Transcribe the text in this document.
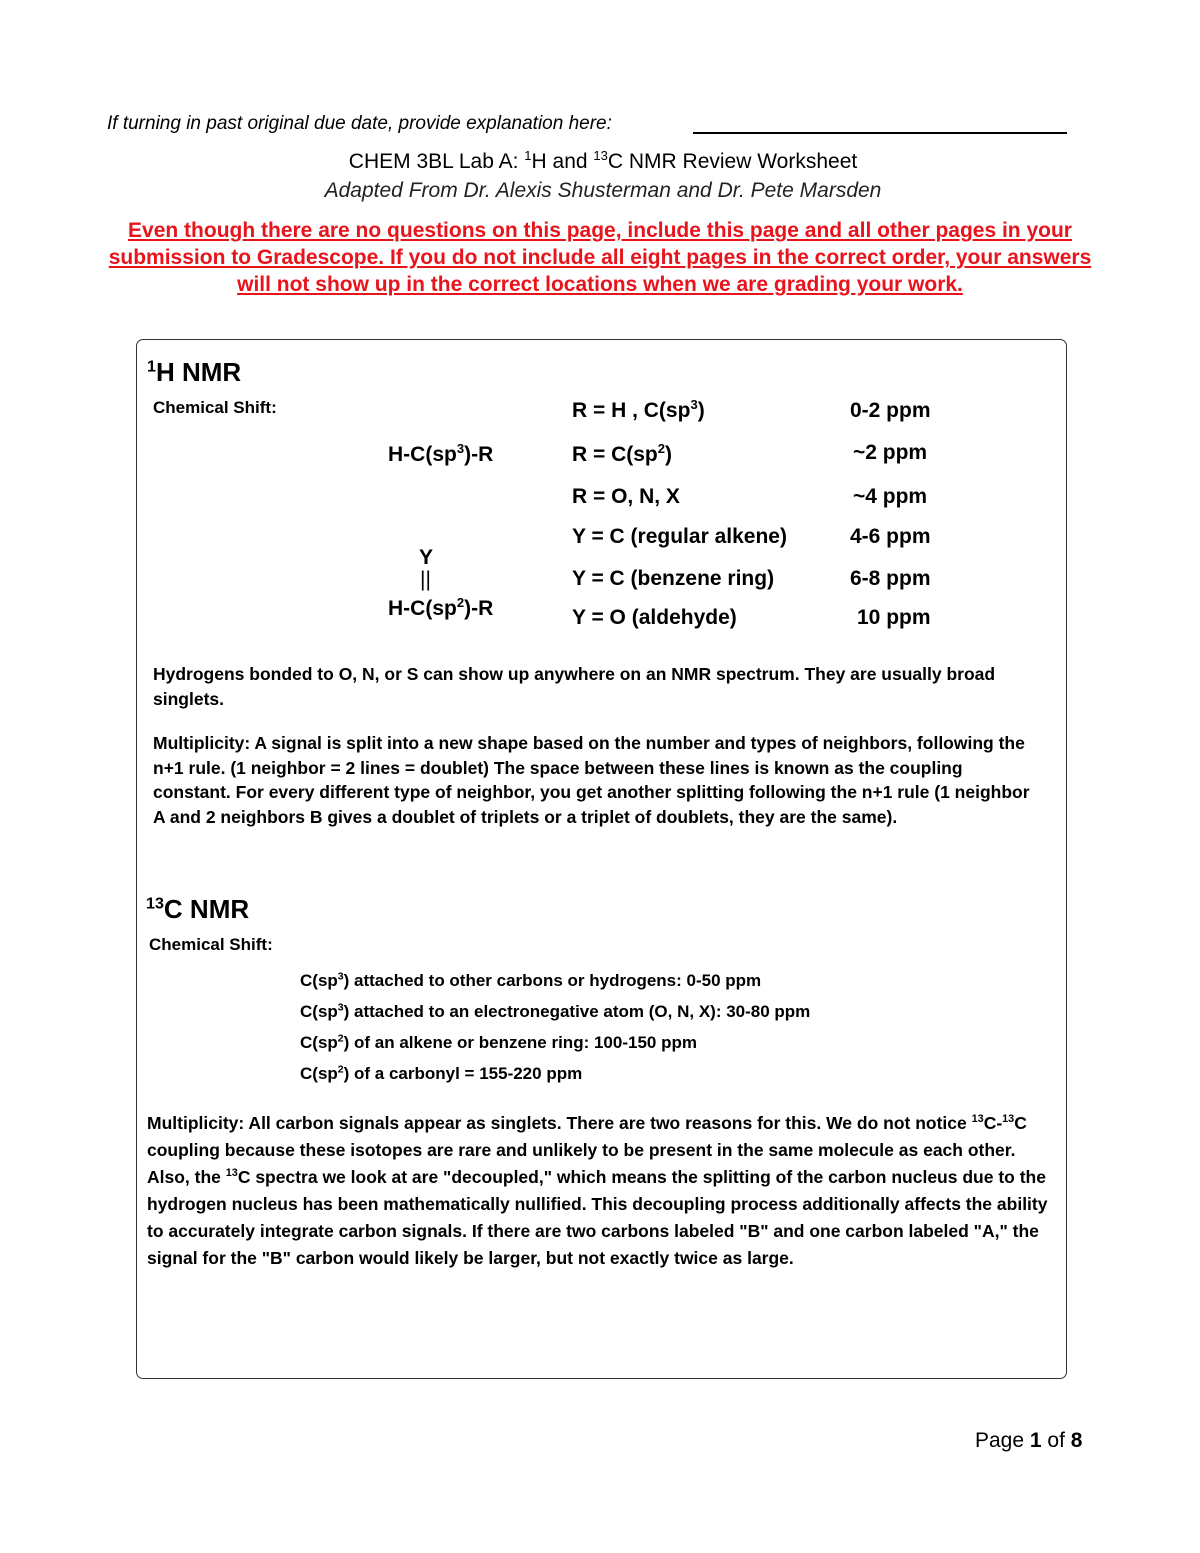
If turning in past original due date, provide explanation here:
CHEM 3BL Lab A: $^1$H and $^{13}$C NMR Review Worksheet
Adapted From Dr. Alexis Shusterman and Dr. Pete Marsden
Even though there are no questions on this page, include this page and all other pages in your submission to Gradescope. If you do not include all eight pages in the correct order, your answers will not show up in the correct locations when we are grading your work.
$^1$H NMR
Chemical Shift:
$H-C(sp^3)-R$
Y
||
$H-C(sp^2)-R$
R = H , $C(sp^3)$	0-2 ppm
$R = C(sp^2)$	~2 ppm
R = O, N, X	~4 ppm
Y = C (regular alkene)	4-6 ppm
Y = C (benzene ring)	6-8 ppm
Y = O (aldehyde)	10 ppm
Hydrogens bonded to O, N, or S can show up anywhere on an NMR spectrum. They are usually broad singlets.
Multiplicity: A signal is split into a new shape based on the number and types of neighbors, following the n+1 rule. (1 neighbor = 2 lines = doublet) The space between these lines is known as the coupling constant. For every different type of neighbor, you get another splitting following the n+1 rule (1 neighbor A and 2 neighbors B gives a doublet of triplets or a triplet of doublets, they are the same).
$^{13}$C NMR
Chemical Shift:
$C(sp^3)$ attached to other carbons or hydrogens: 0-50 ppm
$C(sp^3)$ attached to an electronegative atom (O, N, X): 30-80 ppm
$C(sp^2)$ of an alkene or benzene ring: 100-150 ppm
$C(sp^2)$ of a carbonyl = 155-220 ppm
Multiplicity: All carbon signals appear as singlets. There are two reasons for this. We do not notice $^{13}$C-$^{13}$C coupling because these isotopes are rare and unlikely to be present in the same molecule as each other. Also, the $^{13}$C spectra we look at are "decoupled," which means the splitting of the carbon nucleus due to the hydrogen nucleus has been mathematically nullified. This decoupling process additionally affects the ability to accurately integrate carbon signals. If there are two carbons labeled "B" and one carbon labeled "A," the signal for the "B" carbon would likely be larger, but not exactly twice as large.
Page 1 of 8
